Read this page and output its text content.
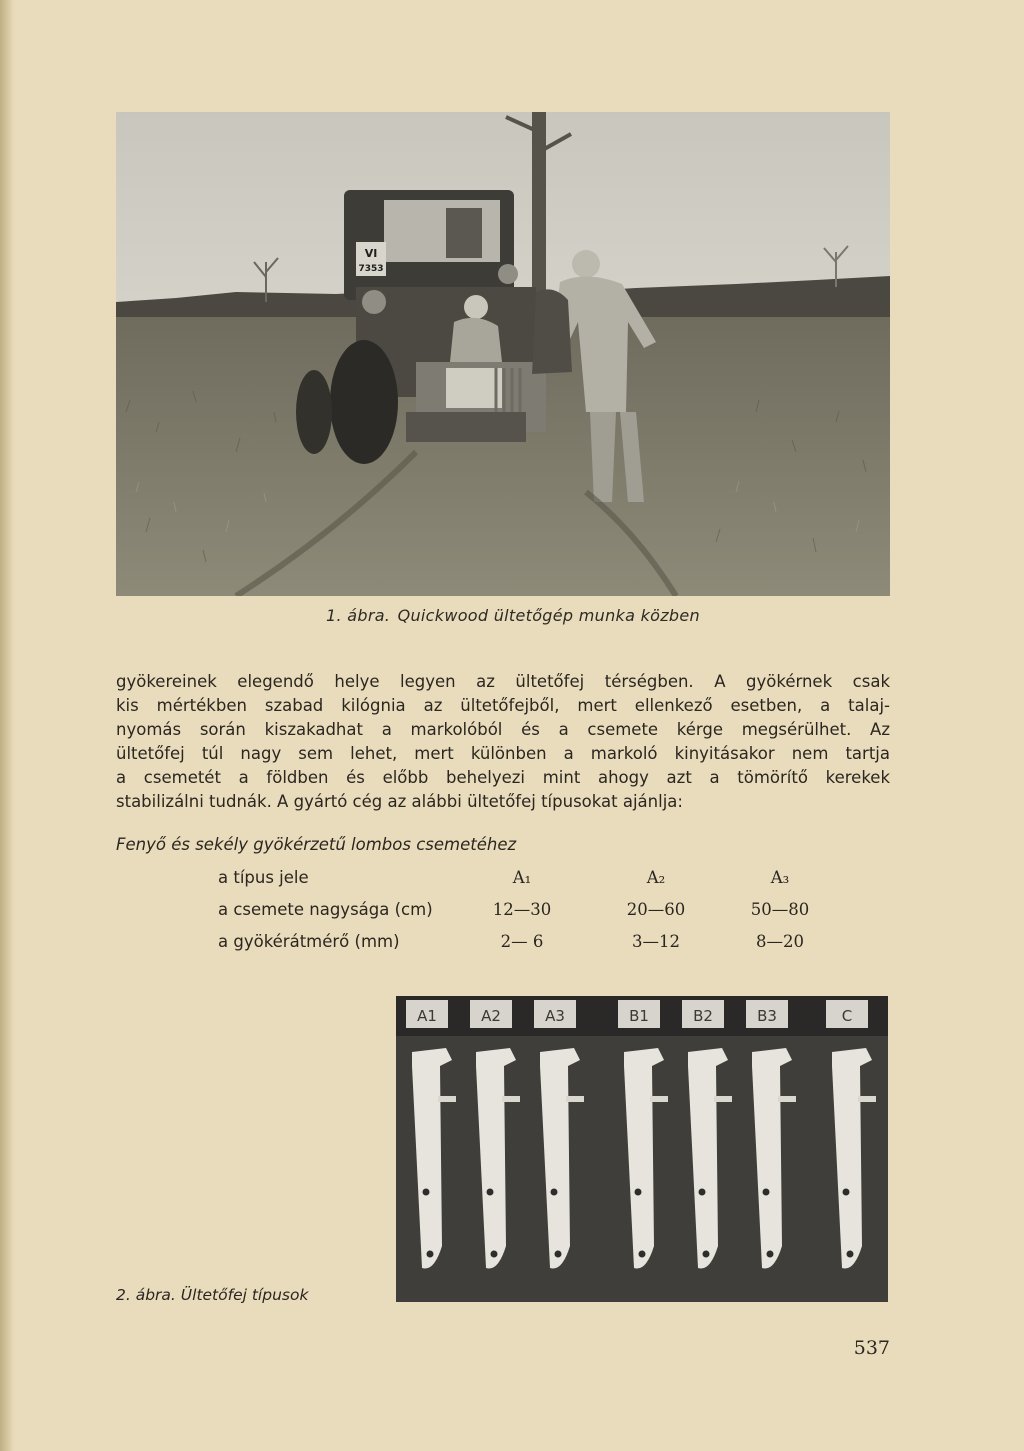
VI
7353
1. ábra. Quickwood ültetőgép munka közben
gyökereinek elegendő helye legyen az ültetőfej térségben. A gyökérnek csak
kis mértékben szabad kilógnia az ültetőfejből, mert ellenkező esetben, a talaj-
nyomás során kiszakadhat a markolóból és a csemete kérge megsérülhet. Az
ültetőfej túl nagy sem lehet, mert különben a markoló kinyitásakor nem tartja
a csemetét a földben és előbb behelyezi mint ahogy azt a tömörítő kerekek
stabilizálni tudnák. A gyártó cég az alábbi ültetőfej típusokat ajánlja:
Fenyő és sekély gyökérzetű lombos csemetéhez
a típus jele	A₁	A₂	A₃
a csemete nagysága (cm)	12—30	20—60	50—80
a gyökérátmérő (mm)	2— 6	3—12	8—20
A1	A2	A3	B1	B2	B3	C
2. ábra. Ültetőfej típusok
537
